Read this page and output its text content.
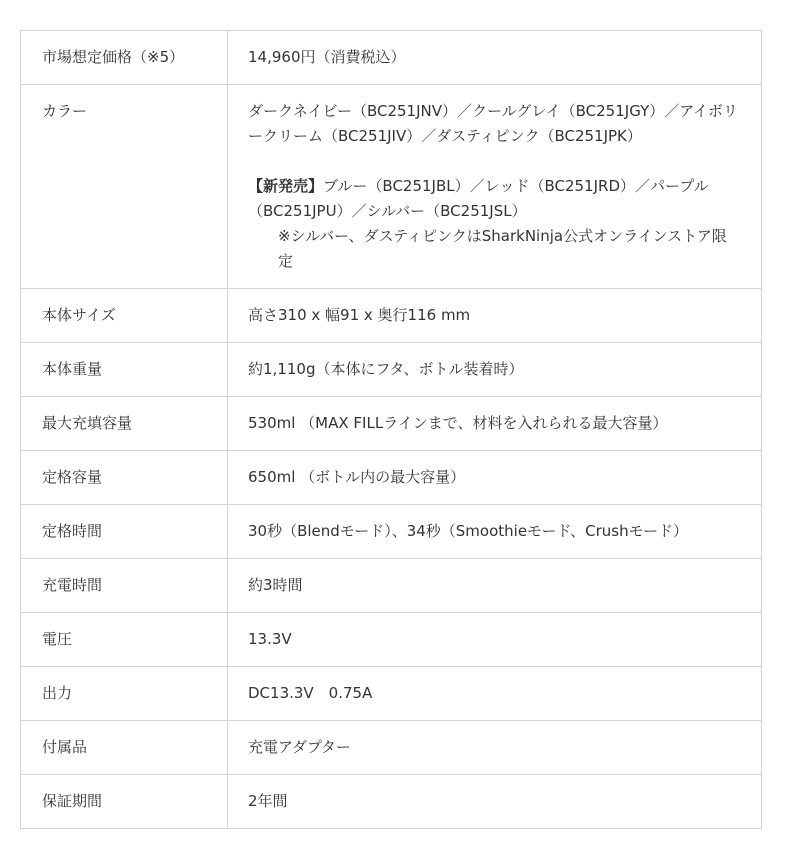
市場想定価格（※5）	14,960円（消費税込）
カラー	ダークネイビー（BC251JNV）／クールグレイ（BC251JGY）／アイボリークリーム（BC251JIV）／ダスティピンク（BC251JPK）
【新発売】ブルー（BC251JBL）／レッド（BC251JRD）／パープル（BC251JPU）／シルバー（BC251JSL）
※シルバー、ダスティピンクはSharkNinja公式オンラインストア限定

本体サイズ	高さ310 x 幅91 x 奥行116 mm
本体重量	約1,110g（本体にフタ、ボトル装着時）
最大充填容量	530ml （MAX FILLラインまで、材料を入れられる最大容量）
定格容量	650ml （ボトル内の最大容量）
定格時間	30秒（Blendモード）、34秒（Smoothieモード、Crushモード）
充電時間	約3時間
電圧	13.3V
出力	DC13.3V　0.75A
付属品	充電アダプター
保証期間	2年間
